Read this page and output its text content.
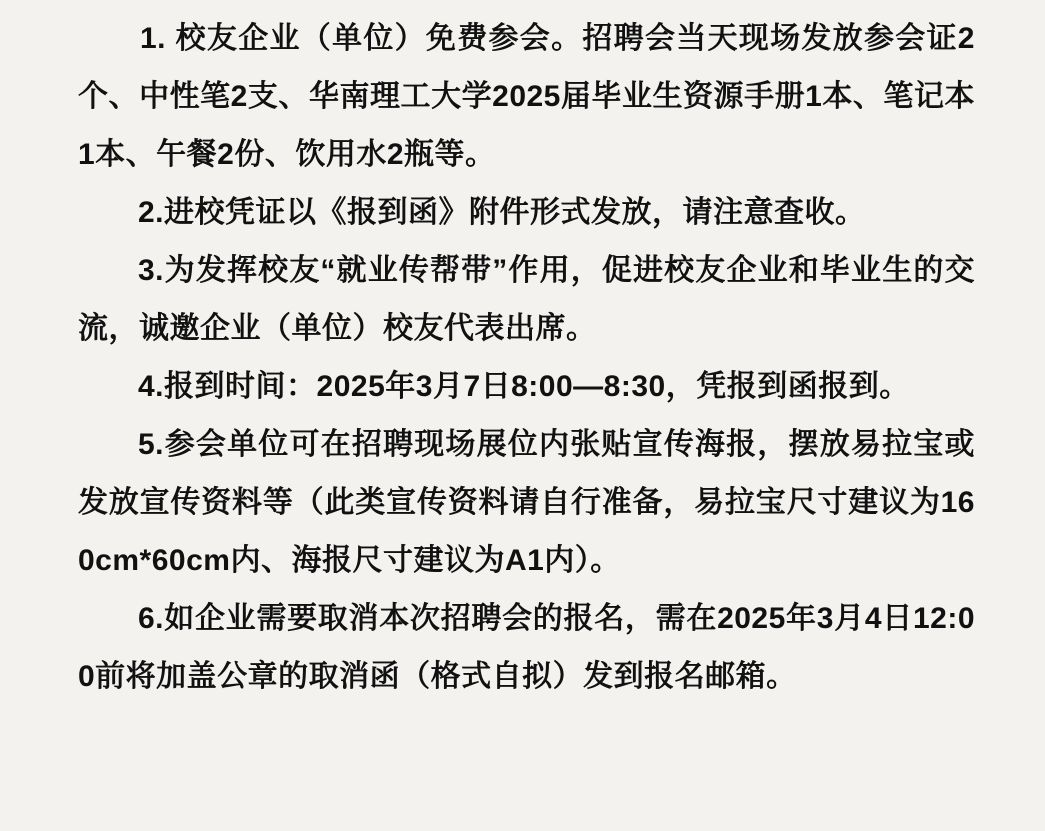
1. 校友企业（单位）免费参会。招聘会当天现场发放参会证2个、中性笔2支、华南理工大学2025届毕业生资源手册1本、笔记本1本、午餐2份、饮用水2瓶等。

2.进校凭证以《报到函》附件形式发放，请注意查收。

3.为发挥校友“就业传帮带”作用，促进校友企业和毕业生的交流，诚邀企业（单位）校友代表出席。

4.报到时间：2025年3月7日8:00—8:30，凭报到函报到。

5.参会单位可在招聘现场展位内张贴宣传海报，摆放易拉宝或发放宣传资料等（此类宣传资料请自行准备，易拉宝尺寸建议为160cm*60cm内、海报尺寸建议为A1内）。

6.如企业需要取消本次招聘会的报名，需在2025年3月4日12:00前将加盖公章的取消函（格式自拟）发到报名邮箱。
